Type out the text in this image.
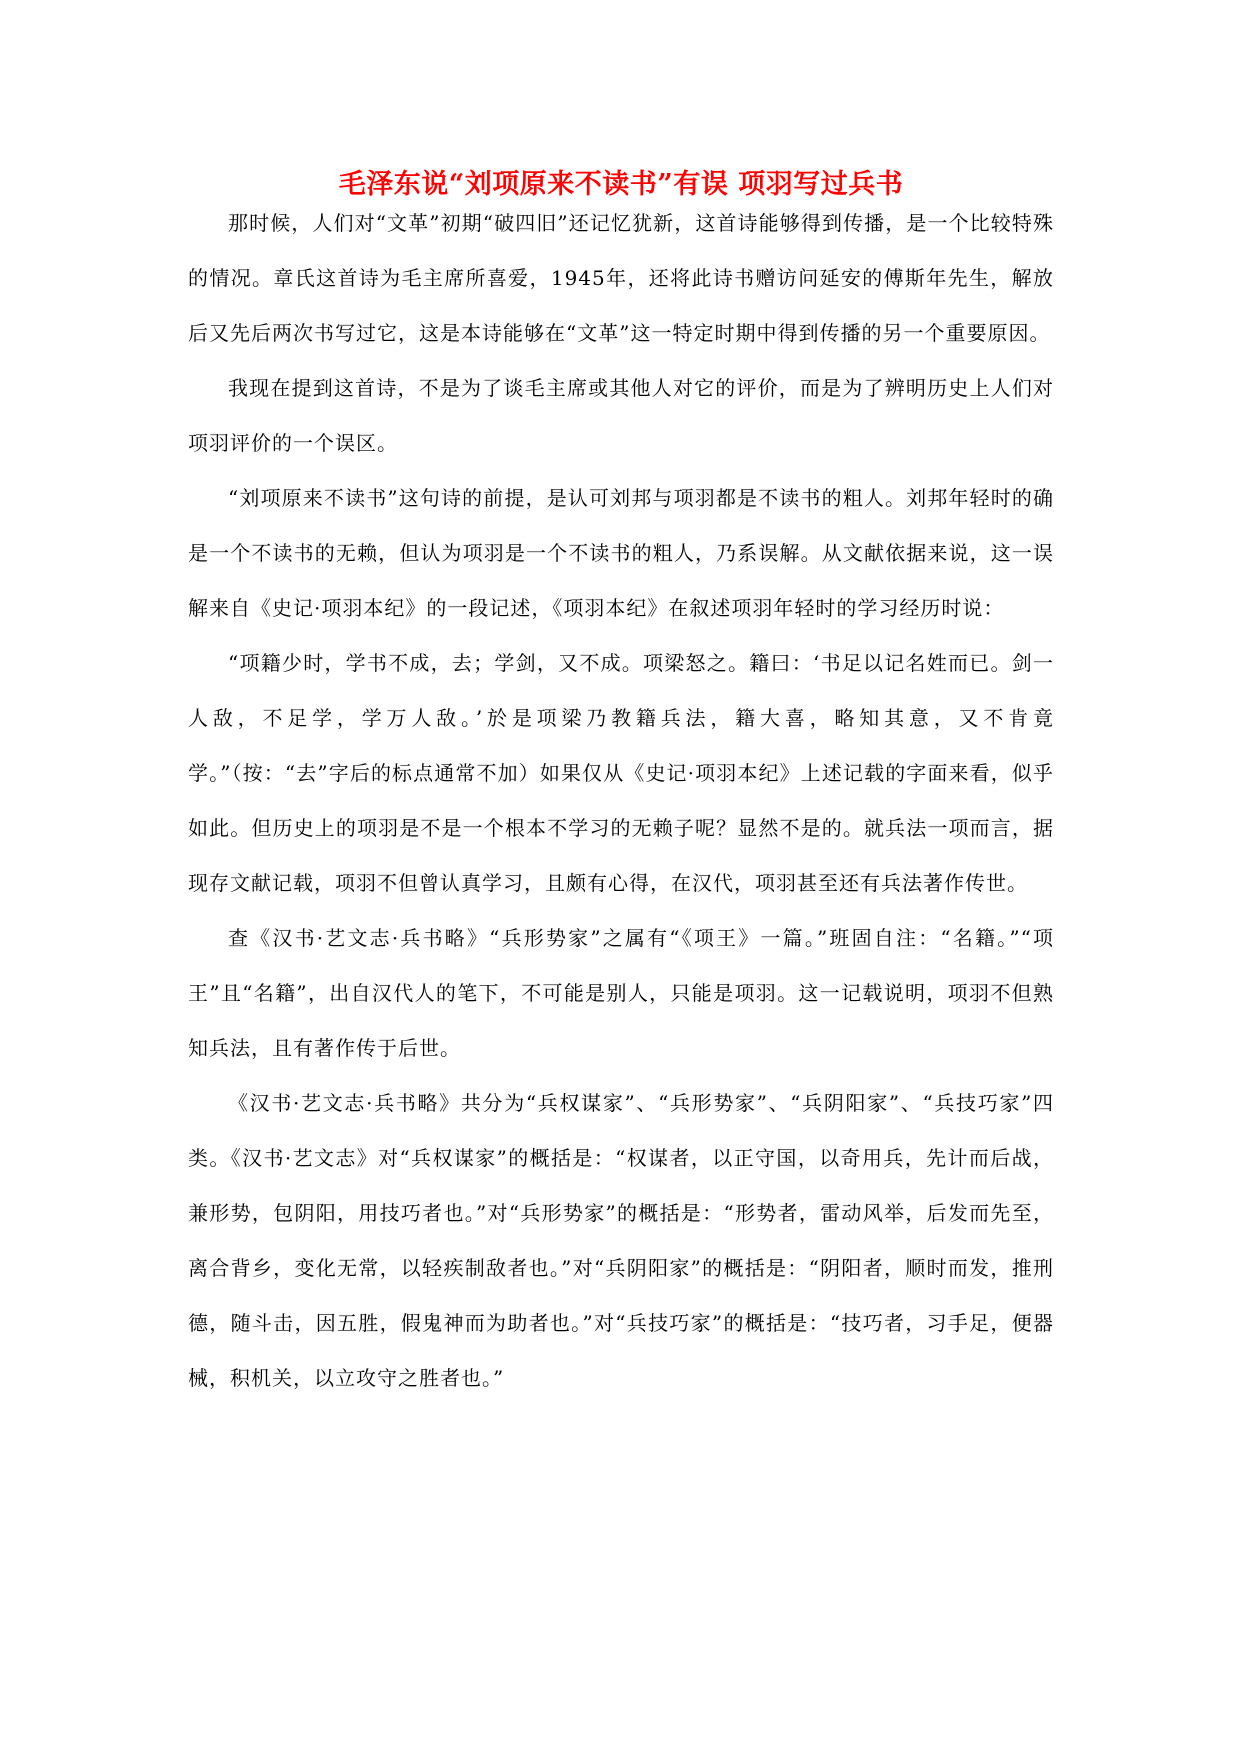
毛泽东说“刘项原来不读书”有误 项羽写过兵书

那时候，人们对“文革”初期“破四旧”还记忆犹新，这首诗能够得到传播，是一个比较特殊的情况。章氏这首诗为毛主席所喜爱，1945年，还将此诗书赠访问延安的傅斯年先生，解放后又先后两次书写过它，这是本诗能够在“文革”这一特定时期中得到传播的另一个重要原因。

我现在提到这首诗，不是为了谈毛主席或其他人对它的评价，而是为了辨明历史上人们对项羽评价的一个误区。

“刘项原来不读书”这句诗的前提，是认可刘邦与项羽都是不读书的粗人。刘邦年轻时的确是一个不读书的无赖，但认为项羽是一个不读书的粗人，乃系误解。从文献依据来说，这一误解来自《史记·项羽本纪》的一段记述，《项羽本纪》在叙述项羽年轻时的学习经历时说：

“项籍少时，学书不成，去；学剑，又不成。项梁怒之。籍曰：‘书足以记名姓而已。剑一人敌，不足学，学万人敌。’於是项梁乃教籍兵法，籍大喜，略知其意，又不肯竟学。”（按：“去”字后的标点通常不加）如果仅从《史记·项羽本纪》上述记载的字面来看，似乎如此。但历史上的项羽是不是一个根本不学习的无赖子呢？显然不是的。就兵法一项而言，据现存文献记载，项羽不但曾认真学习，且颇有心得，在汉代，项羽甚至还有兵法著作传世。

查《汉书·艺文志·兵书略》“兵形势家”之属有“《项王》一篇。”班固自注：“名籍。”“项王”且“名籍”，出自汉代人的笔下，不可能是别人，只能是项羽。这一记载说明，项羽不但熟知兵法，且有著作传于后世。

《汉书·艺文志·兵书略》共分为“兵权谋家”、“兵形势家”、“兵阴阳家”、“兵技巧家”四类。《汉书·艺文志》对“兵权谋家”的概括是：“权谋者，以正守国，以奇用兵，先计而后战，兼形势，包阴阳，用技巧者也。”对“兵形势家”的概括是：“形势者，雷动风举，后发而先至，离合背乡，变化无常，以轻疾制敌者也。”对“兵阴阳家”的概括是：“阴阳者，顺时而发，推刑德，随斗击，因五胜，假鬼神而为助者也。”对“兵技巧家”的概括是：“技巧者，习手足，便器械，积机关，以立攻守之胜者也。”
